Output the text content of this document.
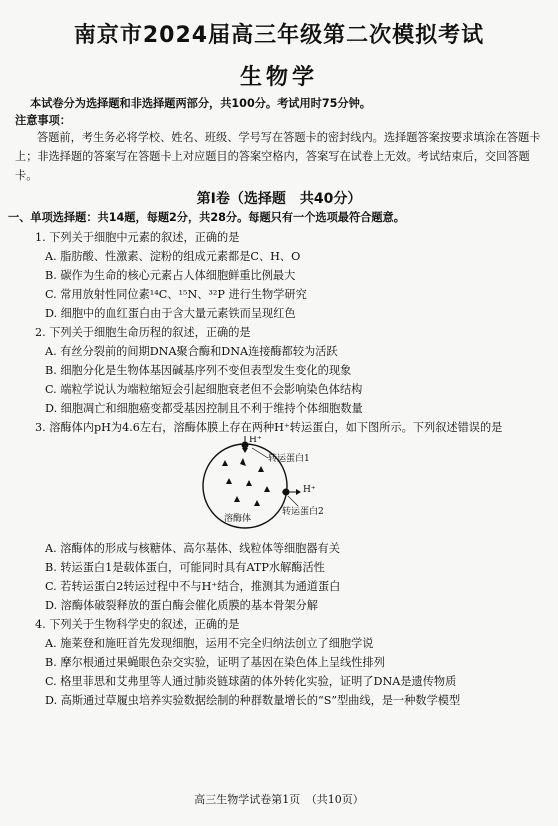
南京市2024届高三年级第二次模拟考试
生物学
本试卷分为选择题和非选择题两部分，共100分。考试用时75分钟。
注意事项：
答题前，考生务必将学校、姓名、班级、学号写在答题卡的密封线内。选择题答案按要求填涂在答题卡上；非选择题的答案写在答题卡上对应题目的答案空格内，答案写在试卷上无效。考试结束后，交回答题卡。
第Ⅰ卷（选择题　共40分）
一、单项选择题：共14题，每题2分，共28分。每题只有一个选项最符合题意。
1. 下列关于细胞中元素的叙述，正确的是
A. 脂肪酸、性激素、淀粉的组成元素都是C、H、O
B. 碳作为生命的核心元素占人体细胞鲜重比例最大
C. 常用放射性同位素¹⁴C、¹⁵N、³²P 进行生物学研究
D. 细胞中的血红蛋白由于含大量元素铁而呈现红色
2. 下列关于细胞生命历程的叙述，正确的是
A. 有丝分裂前的间期DNA聚合酶和DNA连接酶都较为活跃
B. 细胞分化是生物体基因碱基序列不变但表型发生变化的现象
C. 端粒学说认为端粒缩短会引起细胞衰老但不会影响染色体结构
D. 细胞凋亡和细胞癌变都受基因控制且不利于维持个体细胞数量
3. 溶酶体内pH为4.6左右，溶酶体膜上存在两种H⁺转运蛋白，如下图所示。下列叙述错误的是
H⁺
转运蛋白1
H⁺
转运蛋白2
溶酶体
A. 溶酶体的形成与核糖体、高尔基体、线粒体等细胞器有关
B. 转运蛋白1是载体蛋白，可能同时具有ATP水解酶活性
C. 若转运蛋白2转运过程中不与H⁺结合，推测其为通道蛋白
D. 溶酶体破裂释放的蛋白酶会催化质膜的基本骨架分解
4. 下列关于生物科学史的叙述，正确的是
A. 施莱登和施旺首先发现细胞，运用不完全归纳法创立了细胞学说
B. 摩尔根通过果蝇眼色杂交实验，证明了基因在染色体上呈线性排列
C. 格里菲思和艾弗里等人通过肺炎链球菌的体外转化实验，证明了DNA是遗传物质
D. 高斯通过草履虫培养实验数据绘制的种群数量增长的“S”型曲线，是一种数学模型
高三生物学试卷第1页　（共10页）
